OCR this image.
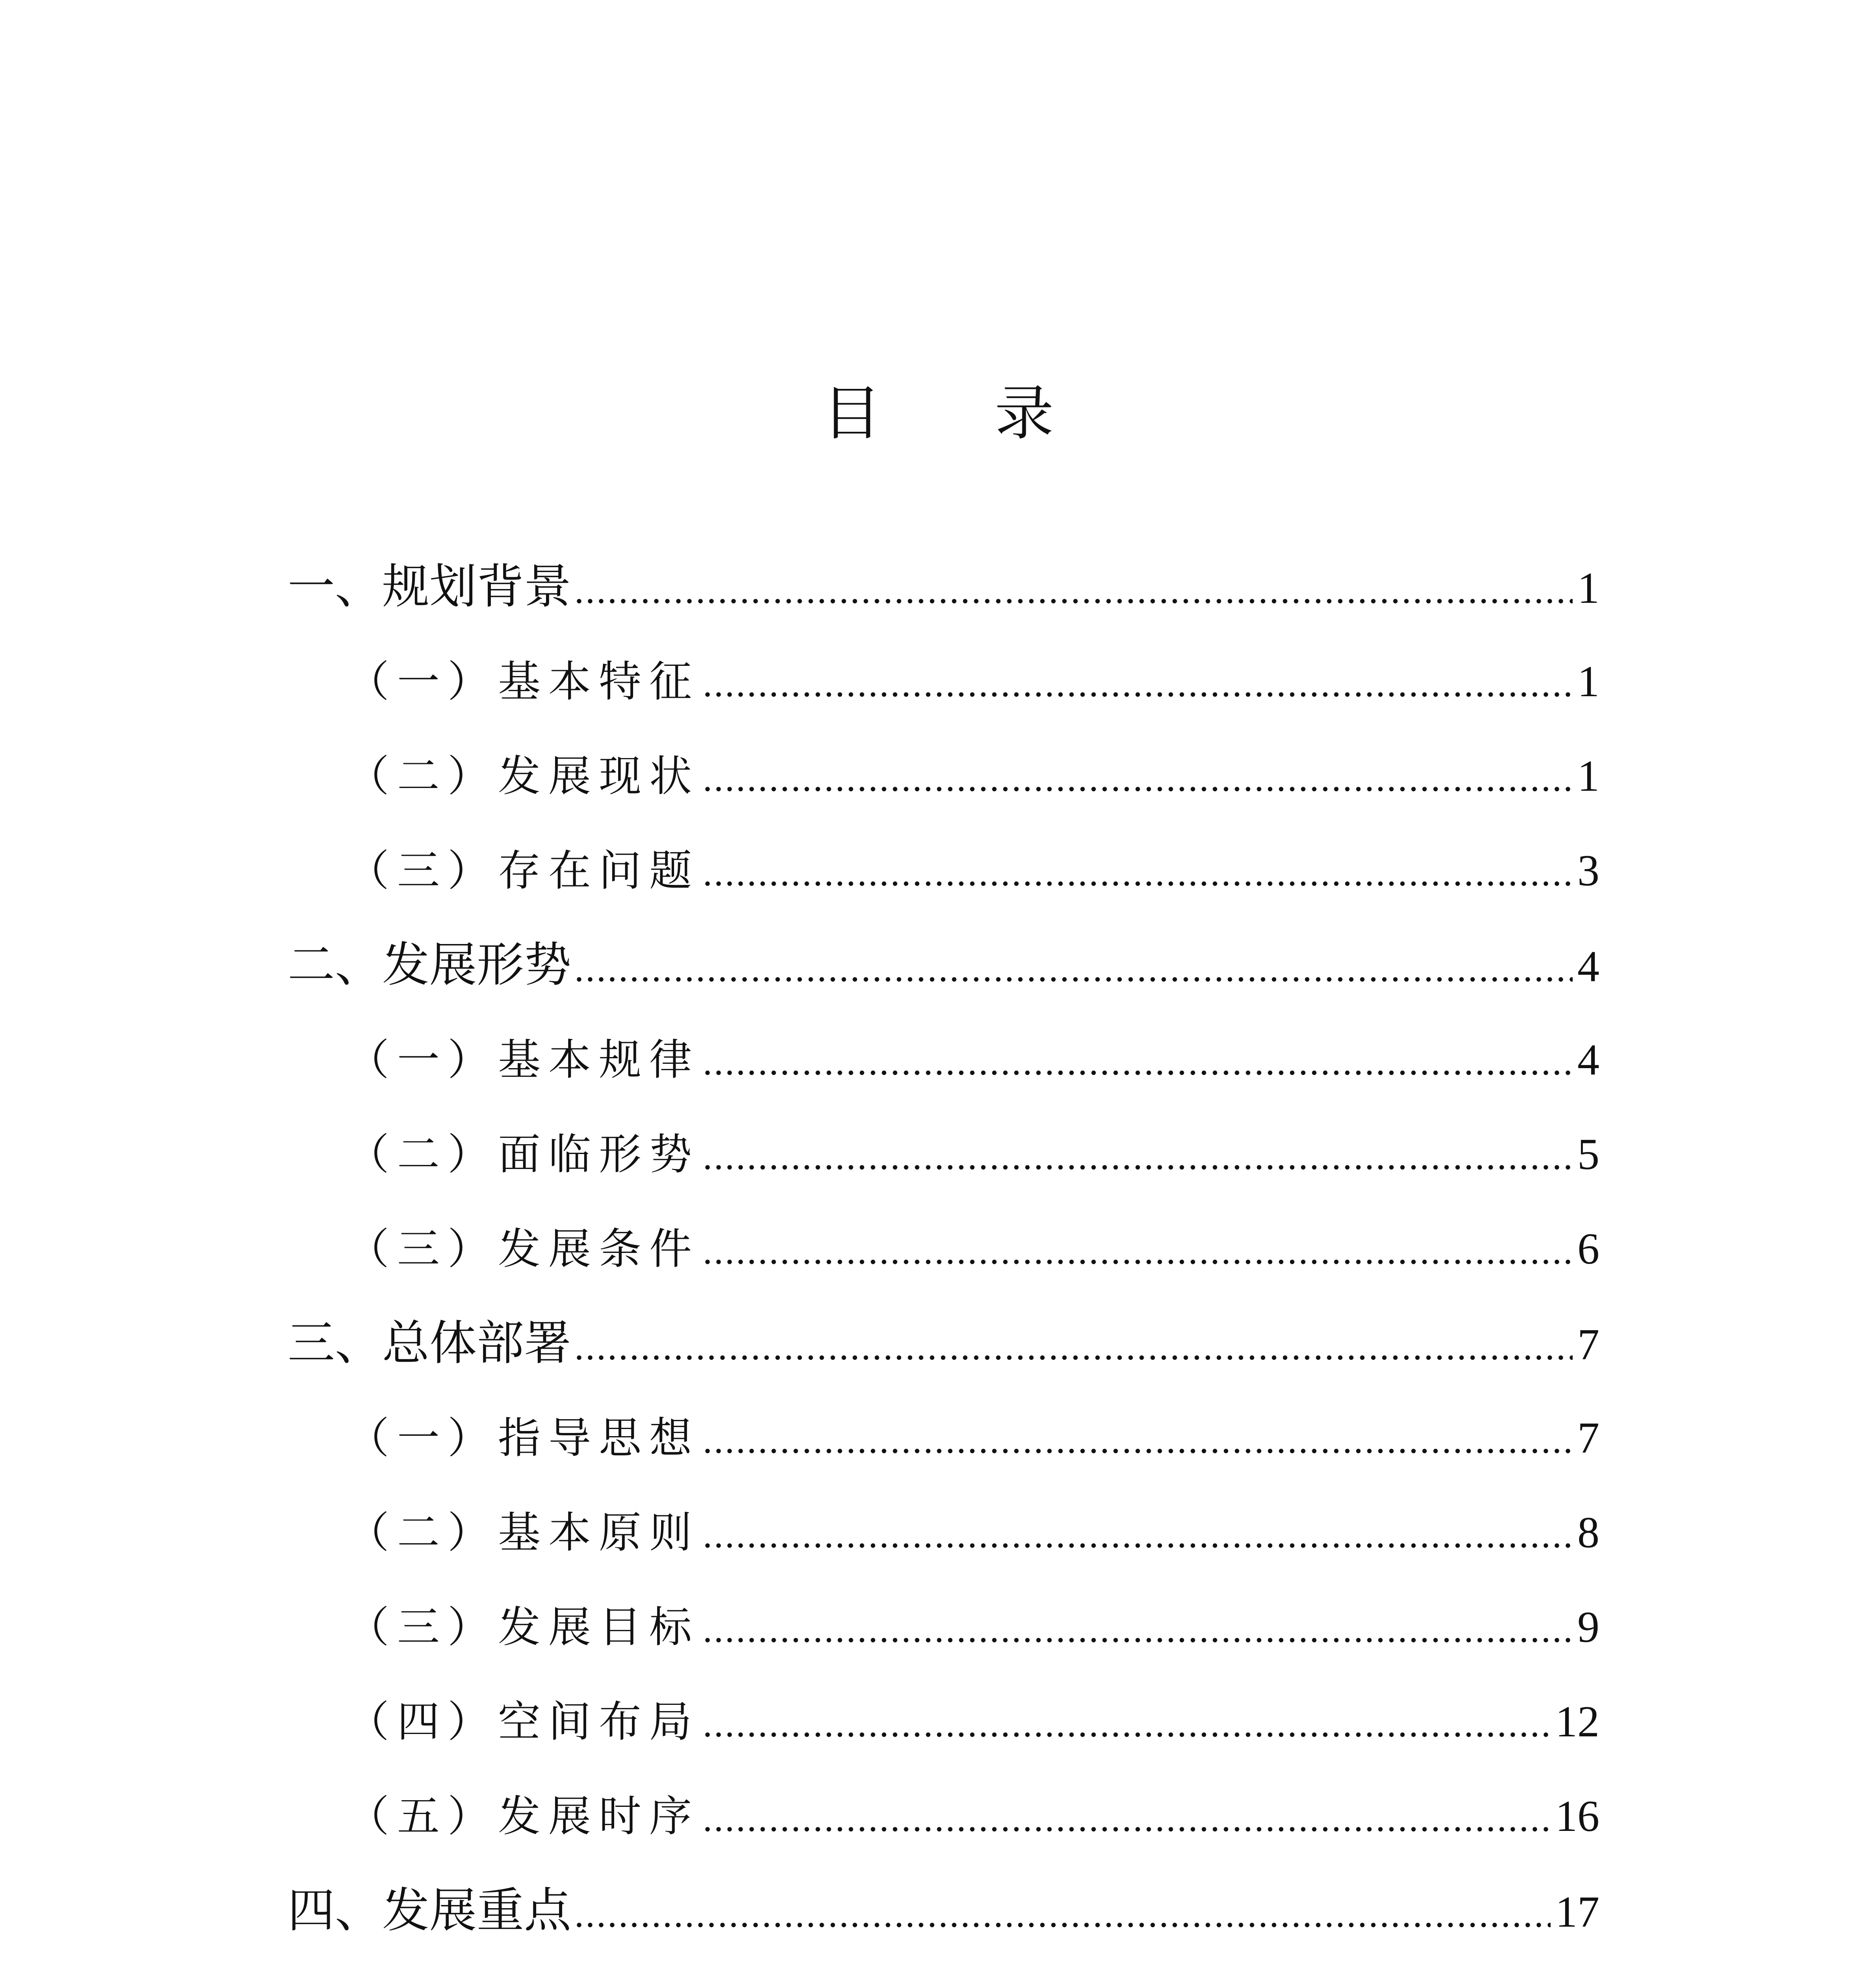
目 录
一、规划背景 .....	1
（一）基本特征 .....	1
（二）发展现状 .....	1
（三）存在问题 .....	3
二、发展形势 .....	4
（一）基本规律 .....	4
（二）面临形势 .....	5
（三）发展条件 .....	6
三、总体部署 .....	7
（一）指导思想 .....	7
（二）基本原则 .....	8
（三）发展目标 .....	9
（四）空间布局 .....	12
（五）发展时序 .....	16
四、发展重点 .....	17
.....
